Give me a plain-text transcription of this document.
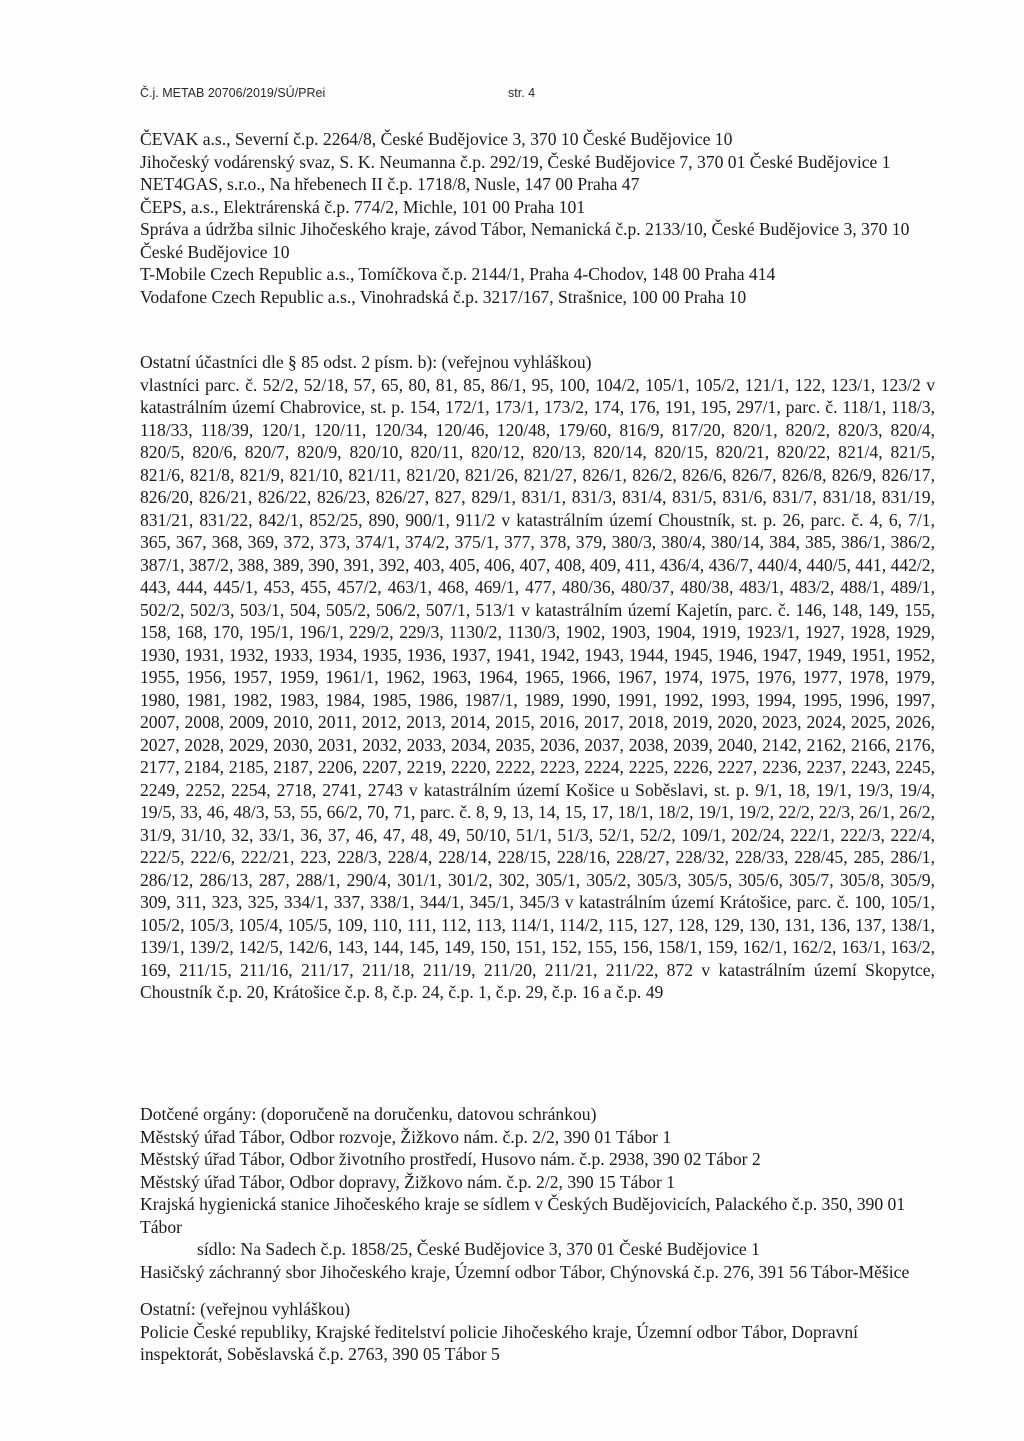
Č.j. METAB 20706/2019/SÚ/PRei	str. 4

ČEVAK a.s., Severní č.p. 2264/8, České Budějovice 3, 370 10 České Budějovice 10

Jihočeský vodárenský svaz, S. K. Neumanna č.p. 292/19, České Budějovice 7, 370 01 České Budějovice 1

NET4GAS, s.r.o., Na hřebenech II č.p. 1718/8, Nusle, 147 00 Praha 47

ČEPS, a.s., Elektrárenská č.p. 774/2, Michle, 101 00 Praha 101

Správa a údržba silnic Jihočeského kraje, závod Tábor, Nemanická č.p. 2133/10, České Budějovice 3, 370 10 České Budějovice 10

T-Mobile Czech Republic a.s., Tomíčkova č.p. 2144/1, Praha 4-Chodov, 148 00 Praha 414

Vodafone Czech Republic a.s., Vinohradská č.p. 3217/167, Strašnice, 100 00 Praha 10

Ostatní účastníci dle § 85 odst. 2 písm. b): (veřejnou vyhláškou)

vlastníci parc. č. 52/2, 52/18, 57, 65, 80, 81, 85, 86/1, 95, 100, 104/2, 105/1, 105/2, 121/1, 122, 123/1, 123/2 v katastrálním území Chabrovice, st. p. 154, 172/1, 173/1, 173/2, 174, 176, 191, 195, 297/1, parc. č. 118/1, 118/3, 118/33, 118/39, 120/1, 120/11, 120/34, 120/46, 120/48, 179/60, 816/9, 817/20, 820/1, 820/2, 820/3, 820/4, 820/5, 820/6, 820/7, 820/9, 820/10, 820/11, 820/12, 820/13, 820/14, 820/15, 820/21, 820/22, 821/4, 821/5, 821/6, 821/8, 821/9, 821/10, 821/11, 821/20, 821/26, 821/27, 826/1, 826/2, 826/6, 826/7, 826/8, 826/9, 826/17, 826/20, 826/21, 826/22, 826/23, 826/27, 827, 829/1, 831/1, 831/3, 831/4, 831/5, 831/6, 831/7, 831/18, 831/19, 831/21, 831/22, 842/1, 852/25, 890, 900/1, 911/2 v katastrálním území Choustník, st. p. 26, parc. č. 4, 6, 7/1, 365, 367, 368, 369, 372, 373, 374/1, 374/2, 375/1, 377, 378, 379, 380/3, 380/4, 380/14, 384, 385, 386/1, 386/2, 387/1, 387/2, 388, 389, 390, 391, 392, 403, 405, 406, 407, 408, 409, 411, 436/4, 436/7, 440/4, 440/5, 441, 442/2, 443, 444, 445/1, 453, 455, 457/2, 463/1, 468, 469/1, 477, 480/36, 480/37, 480/38, 483/1, 483/2, 488/1, 489/1, 502/2, 502/3, 503/1, 504, 505/2, 506/2, 507/1, 513/1 v katastrálním území Kajetín, parc. č. 146, 148, 149, 155, 158, 168, 170, 195/1, 196/1, 229/2, 229/3, 1130/2, 1130/3, 1902, 1903, 1904, 1919, 1923/1, 1927, 1928, 1929, 1930, 1931, 1932, 1933, 1934, 1935, 1936, 1937, 1941, 1942, 1943, 1944, 1945, 1946, 1947, 1949, 1951, 1952, 1955, 1956, 1957, 1959, 1961/1, 1962, 1963, 1964, 1965, 1966, 1967, 1974, 1975, 1976, 1977, 1978, 1979, 1980, 1981, 1982, 1983, 1984, 1985, 1986, 1987/1, 1989, 1990, 1991, 1992, 1993, 1994, 1995, 1996, 1997, 2007, 2008, 2009, 2010, 2011, 2012, 2013, 2014, 2015, 2016, 2017, 2018, 2019, 2020, 2023, 2024, 2025, 2026, 2027, 2028, 2029, 2030, 2031, 2032, 2033, 2034, 2035, 2036, 2037, 2038, 2039, 2040, 2142, 2162, 2166, 2176, 2177, 2184, 2185, 2187, 2206, 2207, 2219, 2220, 2222, 2223, 2224, 2225, 2226, 2227, 2236, 2237, 2243, 2245, 2249, 2252, 2254, 2718, 2741, 2743 v katastrálním území Košice u Soběslavi, st. p. 9/1, 18, 19/1, 19/3, 19/4, 19/5, 33, 46, 48/3, 53, 55, 66/2, 70, 71, parc. č. 8, 9, 13, 14, 15, 17, 18/1, 18/2, 19/1, 19/2, 22/2, 22/3, 26/1, 26/2, 31/9, 31/10, 32, 33/1, 36, 37, 46, 47, 48, 49, 50/10, 51/1, 51/3, 52/1, 52/2, 109/1, 202/24, 222/1, 222/3, 222/4, 222/5, 222/6, 222/21, 223, 228/3, 228/4, 228/14, 228/15, 228/16, 228/27, 228/32, 228/33, 228/45, 285, 286/1, 286/12, 286/13, 287, 288/1, 290/4, 301/1, 301/2, 302, 305/1, 305/2, 305/3, 305/5, 305/6, 305/7, 305/8, 305/9, 309, 311, 323, 325, 334/1, 337, 338/1, 344/1, 345/1, 345/3 v katastrálním území Krátošice, parc. č. 100, 105/1, 105/2, 105/3, 105/4, 105/5, 109, 110, 111, 112, 113, 114/1, 114/2, 115, 127, 128, 129, 130, 131, 136, 137, 138/1, 139/1, 139/2, 142/5, 142/6, 143, 144, 145, 149, 150, 151, 152, 155, 156, 158/1, 159, 162/1, 162/2, 163/1, 163/2, 169, 211/15, 211/16, 211/17, 211/18, 211/19, 211/20, 211/21, 211/22, 872 v katastrálním území Skopytce, Choustník č.p. 20, Krátošice č.p. 8, č.p. 24, č.p. 1, č.p. 29, č.p. 16 a č.p. 49

Dotčené orgány: (doporučeně na doručenku, datovou schránkou)

Městský úřad Tábor, Odbor rozvoje, Žižkovo nám. č.p. 2/2, 390 01 Tábor 1

Městský úřad Tábor, Odbor životního prostředí, Husovo nám. č.p. 2938, 390 02 Tábor 2

Městský úřad Tábor, Odbor dopravy, Žižkovo nám. č.p. 2/2, 390 15 Tábor 1

Krajská hygienická stanice Jihočeského kraje se sídlem v Českých Budějovicích, Palackého č.p. 350, 390 01 Tábor

sídlo: Na Sadech č.p. 1858/25, České Budějovice 3, 370 01 České Budějovice 1

Hasičský záchranný sbor Jihočeského kraje, Územní odbor Tábor, Chýnovská č.p. 276, 391 56 Tábor-Měšice

Ostatní: (veřejnou vyhláškou)

Policie České republiky, Krajské ředitelství policie Jihočeského kraje, Územní odbor Tábor, Dopravní inspektorát, Soběslavská č.p. 2763, 390 05 Tábor 5
